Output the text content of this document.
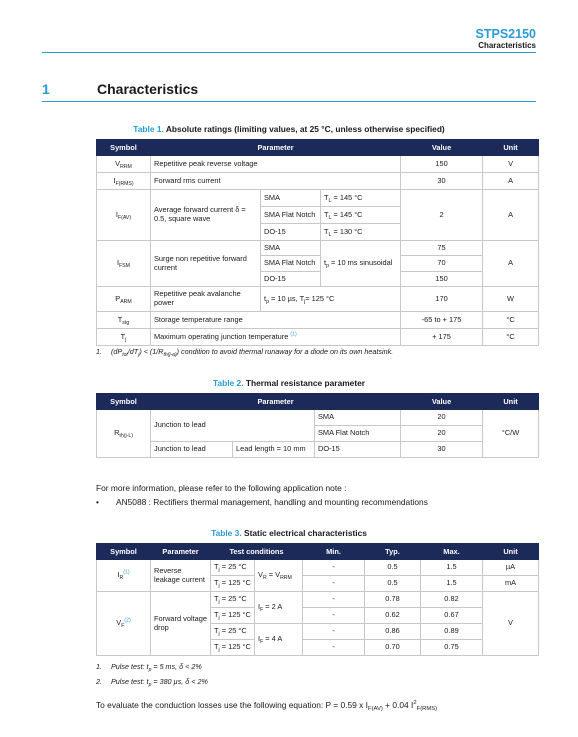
STPS2150
Characteristics
1	Characteristics
Table 1. Absolute ratings (limiting values, at 25 °C, unless otherwise specified)
Symbol	Parameter			Value	Unit
$V_{RRM}$	Repetitive peak reverse voltage			150	V
$I_{F(RMS)}$	Forward rms current			30	A
$I_{F(AV)}$	Average forward current δ = 0.5, square wave	SMA	$T_L = 145$ °C	2	A
		SMA Flat Notch	$T_L = 145$ °C		
		DO-15	$T_L = 130$ °C		
$I_{FSM}$	Surge non repetitive forward current	SMA	$t_p = 10$ ms sinusoidal	75	A
		SMA Flat Notch		70	
		DO-15		150	
$P_{ARM}$	Repetitive peak avalanche power	$t_p = 10$ µs, $T_j= 125$ °C		170	W
$T_{stg}$	Storage temperature range			-65 to + 175	°C
$T_j$	Maximum operating junction temperature $^{(1)}$			+ 175	°C
1. $(dP_{tot}/dT_j) < (1/R_{th(j-a)})$ condition to avoid thermal runaway for a diode on its own heatsink.
Table 2. Thermal resistance parameter
Symbol	Parameter			Value	Unit
$R_{th(j-L)}$	Junction to lead		SMA	20	°C/W
			SMA Flat Notch	20	
	Junction to lead	Lead length = 10 mm	DO-15	30	
For more information, please refer to the following application note :
• AN5088 : Rectifiers thermal management, handling and mounting recommendations
Table 3. Static electrical characteristics
Symbol	Parameter	Test conditions		Min.	Typ.	Max.	Unit
$I_R^{(1)}$	Reverse leakage current	$T_j = 25$ °C	$V_R = V_{RRM}$	-	0.5	1.5	µA
		$T_j = 125$ °C		-	0.5	1.5	mA
$V_F^{(2)}$	Forward voltage drop	$T_j = 25$ °C	$I_F = 2$ A	-	0.78	0.82	V
		$T_j = 125$ °C		-	0.62	0.67	
		$T_j = 25$ °C	$I_F = 4$ A	-	0.86	0.89	
		$T_j = 125$ °C		-	0.70	0.75	
1. Pulse test: $t_p = 5$ ms, δ < 2%
2. Pulse test: $t_p = 380$ µs, δ < 2%
To evaluate the conduction losses use the following equation: P = 0.59 x $I_{F(AV)} + 0.04$ $I^2_{F(RMS)}$
